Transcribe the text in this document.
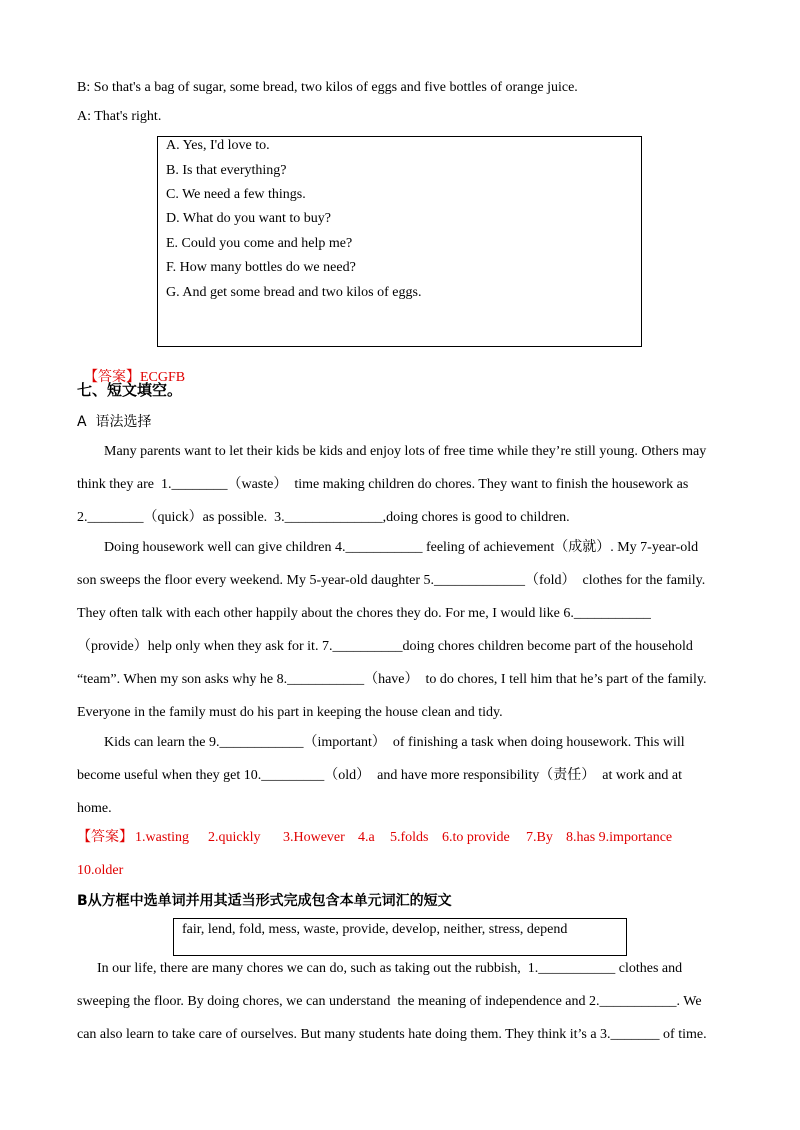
B: So that's a bag of sugar, some bread, two kilos of eggs and five bottles of orange juice.
A: That's right.
A. Yes, I'd love to.
B. Is that everything?
C. We need a few things.
D. What do you want to buy?
E. Could you come and help me?
F. How many bottles do we need?
G. And get some bread and two kilos of eggs.

【答案】ECGFB

七、短文填空。
A  语法选择
Many parents want to let their kids be kids and enjoy lots of free time while they’re still young. Others may
think they are  1.________（waste）  time making children do chores. They want to finish the housework as
2.________（quick）as possible.  3.______________,doing chores is good to children.
Doing housework well can give children 4.___________ feeling of achievement（成就）. My 7-year-old
son sweeps the floor every weekend. My 5-year-old daughter 5._____________（fold）  clothes for the family.
They often talk with each other happily about the chores they do. For me, I would like 6.___________
（provide）help only when they ask for it. 7.__________doing chores children become part of the household
“team”. When my son asks why he 8.___________（have）  to do chores, I tell him that he’s part of the family.
Everyone in the family must do his part in keeping the house clean and tidy.
Kids can learn the 9.____________（important）  of finishing a task when doing housework. This will
become useful when they get 10._________（old）  and have more responsibility（责任）  at work and at
home.
【答案】 1.wasting 2.quickly 3.However 4.a 5.folds 6.to provide 7.By 8.has 9.importance
10.older
B从方框中选单词并用其适当形式完成包含本单元词汇的短文
fair, lend, fold, mess, waste, provide, develop, neither, stress, depend
In our life, there are many chores we can do, such as taking out the rubbish,  1.___________ clothes and
sweeping the floor. By doing chores, we can understand  the meaning of independence and 2.___________. We
can also learn to take care of ourselves. But many students hate doing them. They think it’s a 3._______ of time.
